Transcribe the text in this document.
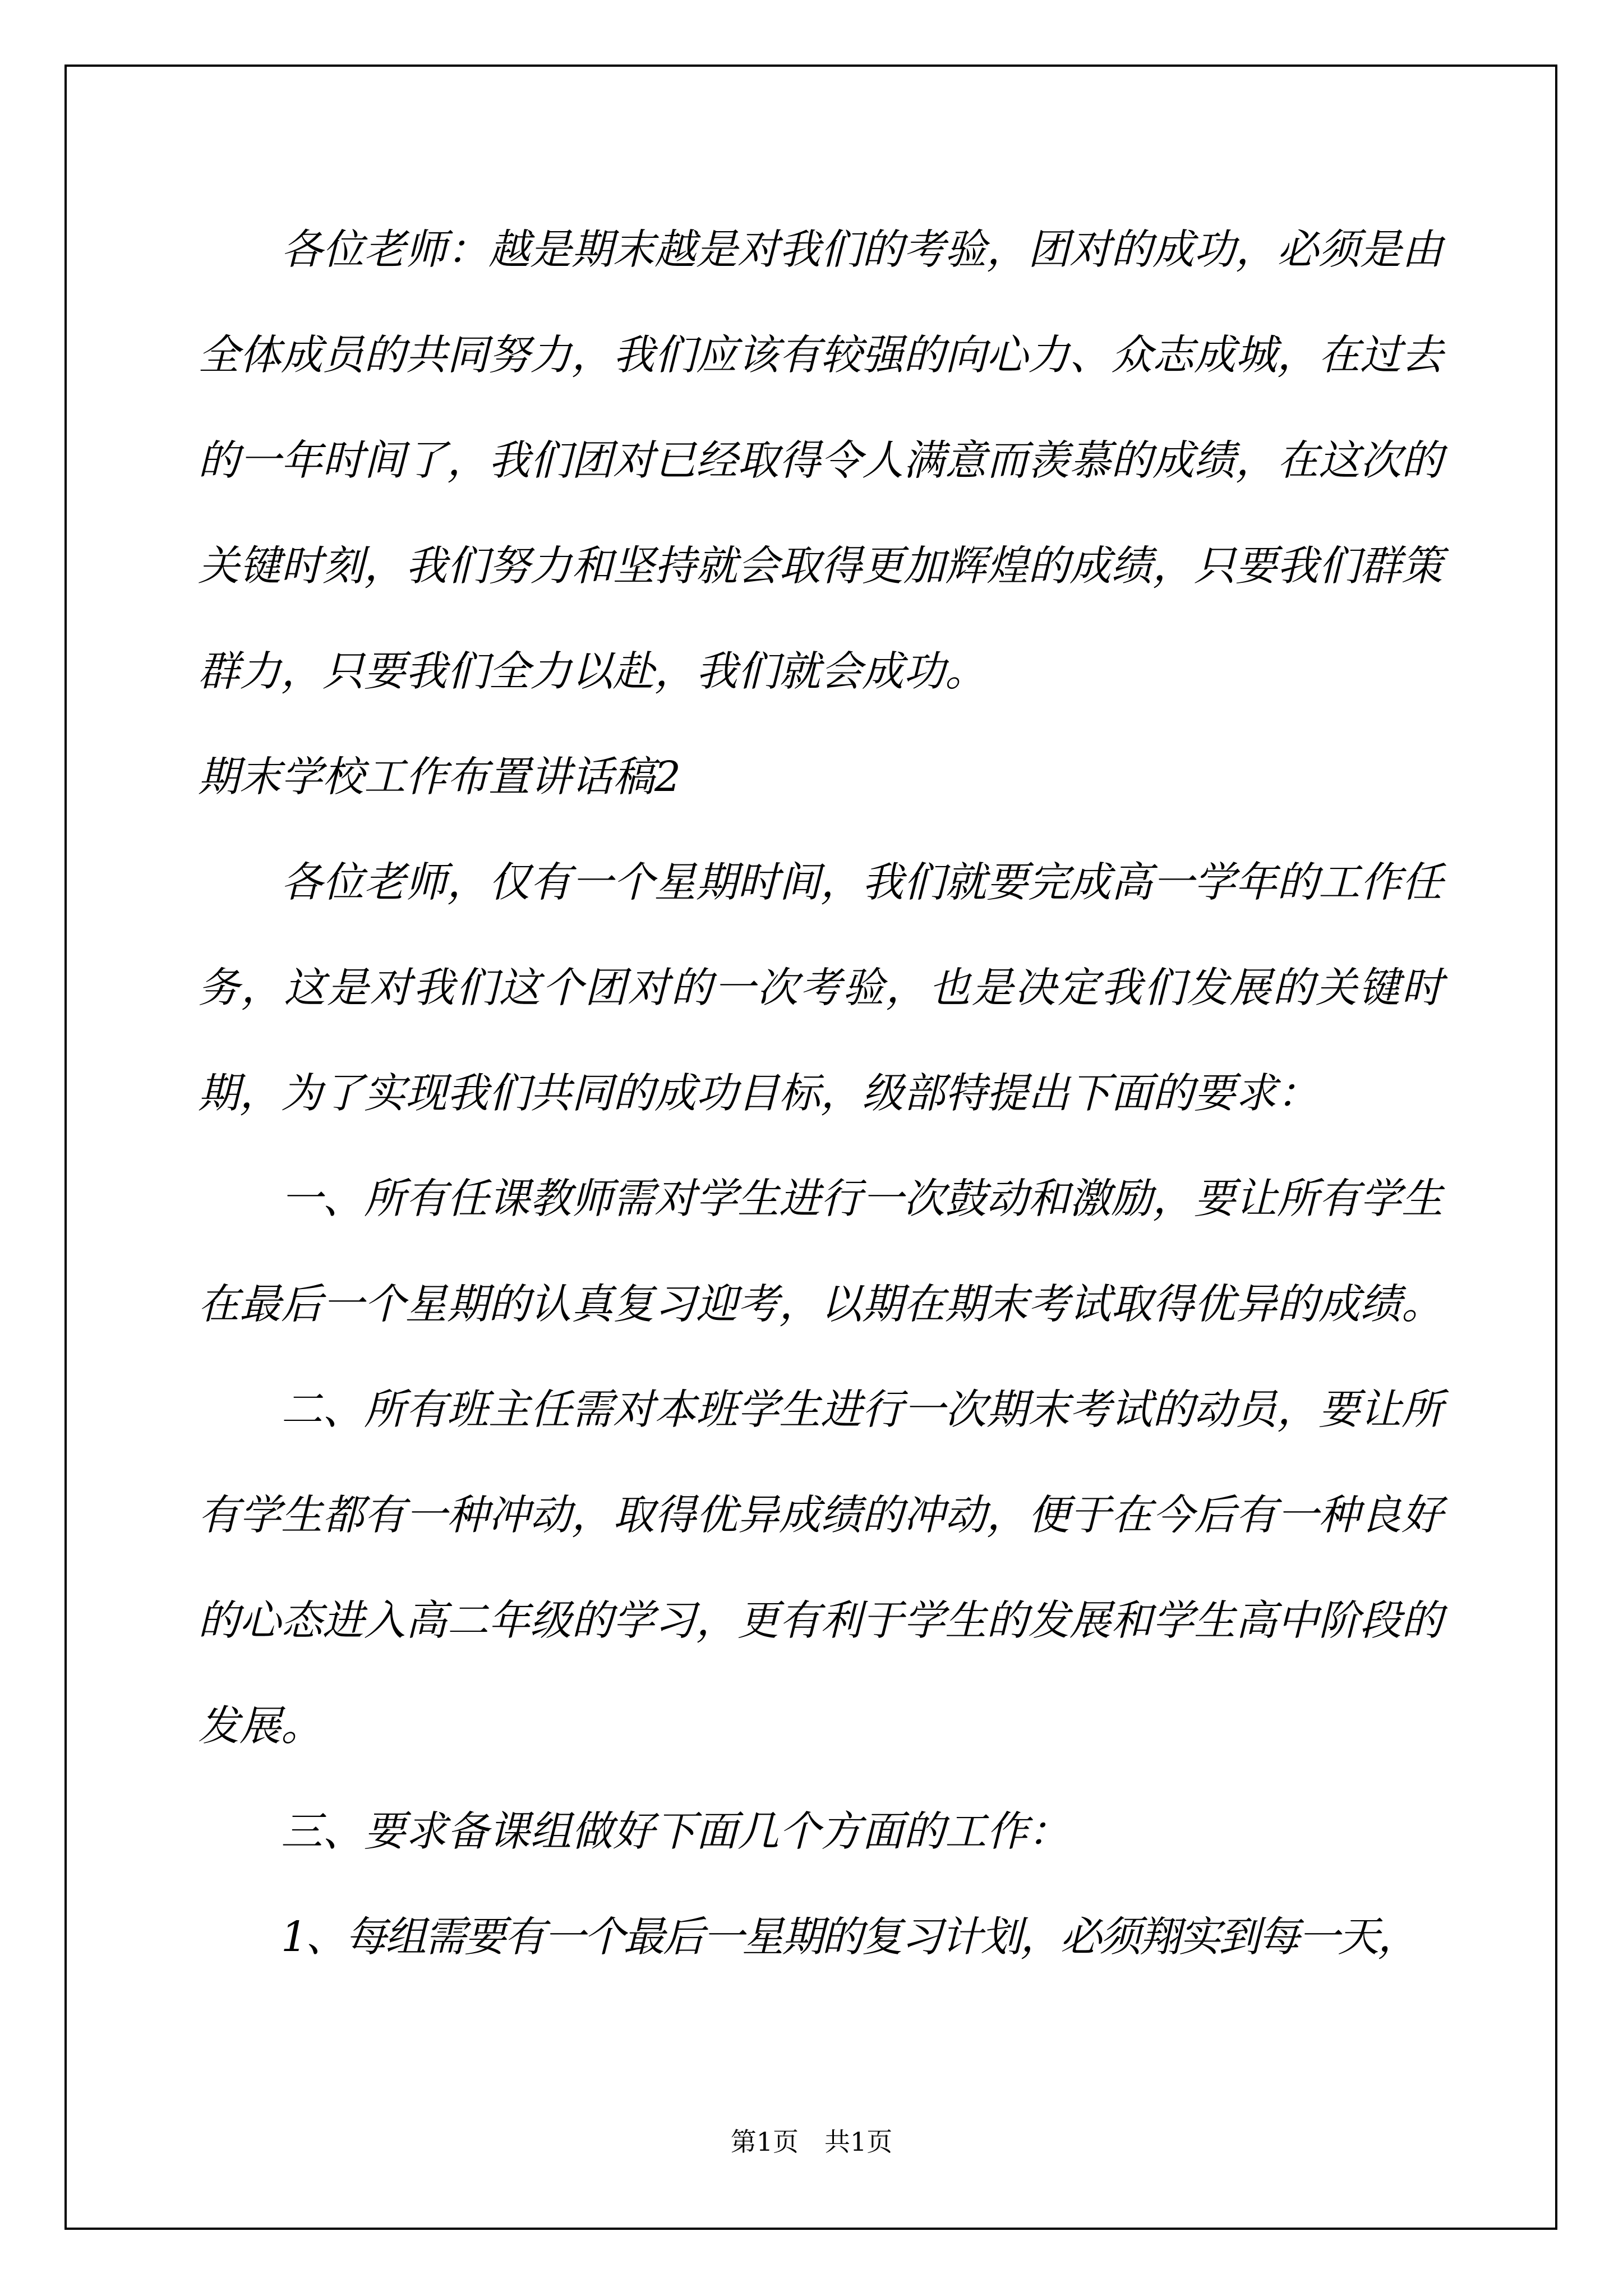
各位老师：越是期末越是对我们的考验，团对的成功，必须是由全体成员的共同努力，我们应该有较强的向心力、众志成城，在过去的一年时间了，我们团对已经取得令人满意而羡慕的成绩，在这次的关键时刻，我们努力和坚持就会取得更加辉煌的成绩，只要我们群策群力，只要我们全力以赴，我们就会成功。

期末学校工作布置讲话稿2

各位老师，仅有一个星期时间，我们就要完成高一学年的工作任务，这是对我们这个团对的一次考验，也是决定我们发展的关键时期，为了实现我们共同的成功目标，级部特提出下面的要求：

一、所有任课教师需对学生进行一次鼓动和激励，要让所有学生在最后一个星期的认真复习迎考，以期在期末考试取得优异的成绩。

二、所有班主任需对本班学生进行一次期末考试的动员，要让所有学生都有一种冲动，取得优异成绩的冲动，便于在今后有一种良好的心态进入高二年级的学习，更有利于学生的发展和学生高中阶段的发展。

三、要求备课组做好下面几个方面的工作：

1、每组需要有一个最后一星期的复习计划，必须翔实到每一天，

第1页　共1页
